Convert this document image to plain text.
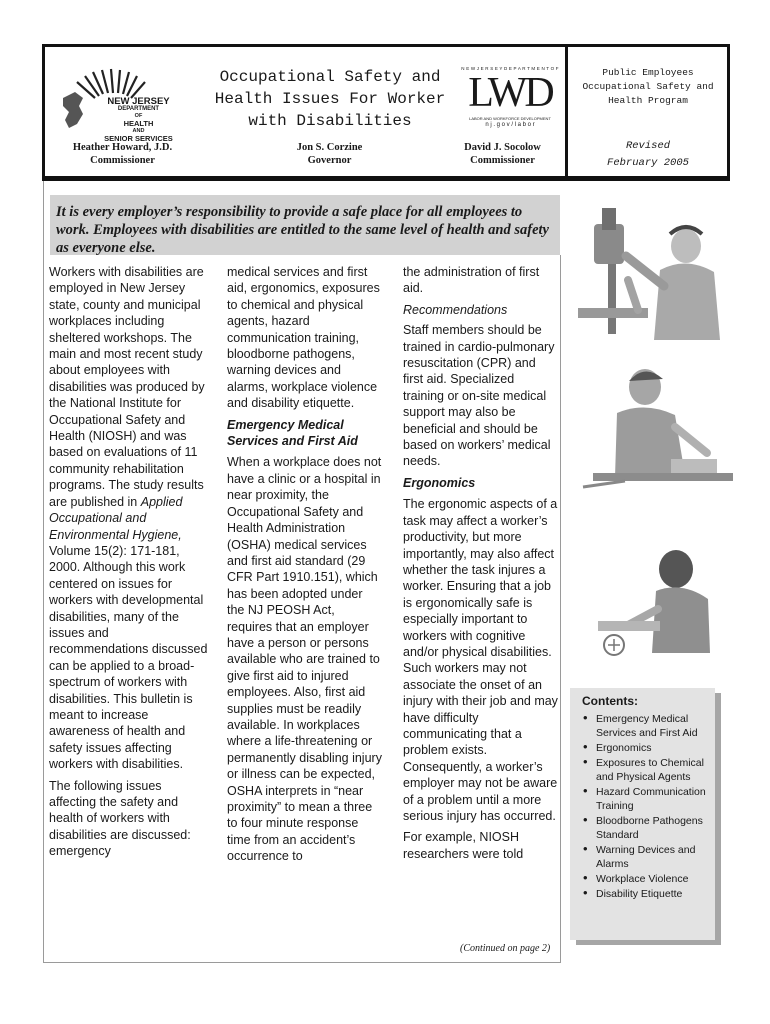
NEW JERSEY
DEPARTMENT
OF
HEALTH
AND
SENIOR SERVICES
Occupational Safety and
Health Issues For Worker
with Disabilities
N E W J E R S E Y D E P A R T M E N T O F
LWD
LABOR AND WORKFORCE DEVELOPMENT
n j . g o v / l a b o r
Heather Howard, J.D.
Commissioner
Jon S. Corzine
Governor
David J. Socolow
Commissioner
Public Employees
Occupational Safety and
Health Program
Revised
February 2005
It is every employer’s responsibility to provide a safe place for all employees to work. Employees with disabilities are entitled to the same level of health and safety as everyone else.

Workers with disabilities are employed in New Jersey state, county and municipal workplaces including sheltered workshops. The main and most recent study about employees with disabilities was produced by the National Institute for Occupational Safety and Health (NIOSH) and was based on evaluations of 11 community rehabilitation programs. The study results are published in Applied Occupational and Environmental Hygiene, Volume 15(2): 171-181, 2000. Although this work centered on issues for workers with developmental disabilities, many of the issues and recommendations discussed can be applied to a broad-spectrum of workers with disabilities. This bulletin is meant to increase awareness of health and safety issues affecting workers with disabilities.

The following issues affecting the safety and health of workers with disabilities are discussed: emergency

medical services and first aid, ergonomics, exposures to chemical and physical agents, hazard communication training, bloodborne pathogens, warning devices and alarms, workplace violence and disability etiquette.

Emergency Medical Services and First Aid

When a workplace does not have a clinic or a hospital in near proximity, the Occupational Safety and Health Administration (OSHA) medical services and first aid standard (29 CFR Part 1910.151), which has been adopted under the NJ PEOSH Act, requires that an employer have a person or persons available who are trained to give first aid to injured employees. Also, first aid supplies must be readily available. In workplaces where a life-threatening or permanently disabling injury or illness can be expected, OSHA interprets in “near proximity” to mean a three to four minute response time from an accident’s occurrence to

the administration of first aid.

Recommendations

Staff members should be trained in cardio-pulmonary resuscitation (CPR) and first aid. Specialized training or on-site medical support may also be beneficial and should be based on workers’ medical needs.

Ergonomics

The ergonomic aspects of a task may affect a worker’s productivity, but more importantly, may also affect whether the task injures a worker. Ensuring that a job is ergonomically safe is especially important to workers with cognitive and/or physical disabilities. Such workers may not associate the onset of an injury with their job and may have difficulty communicating that a problem exists. Consequently, a worker’s employer may not be aware of a problem until a more serious injury has occurred.

For example, NIOSH researchers were told

(Continued on page 2)
Contents:
• Emergency Medical Services and First Aid
• Ergonomics
• Exposures to Chemical and Physical Agents
• Hazard Communication Training
• Bloodborne Pathogens Standard
• Warning Devices and Alarms
• Workplace Violence
• Disability Etiquette
